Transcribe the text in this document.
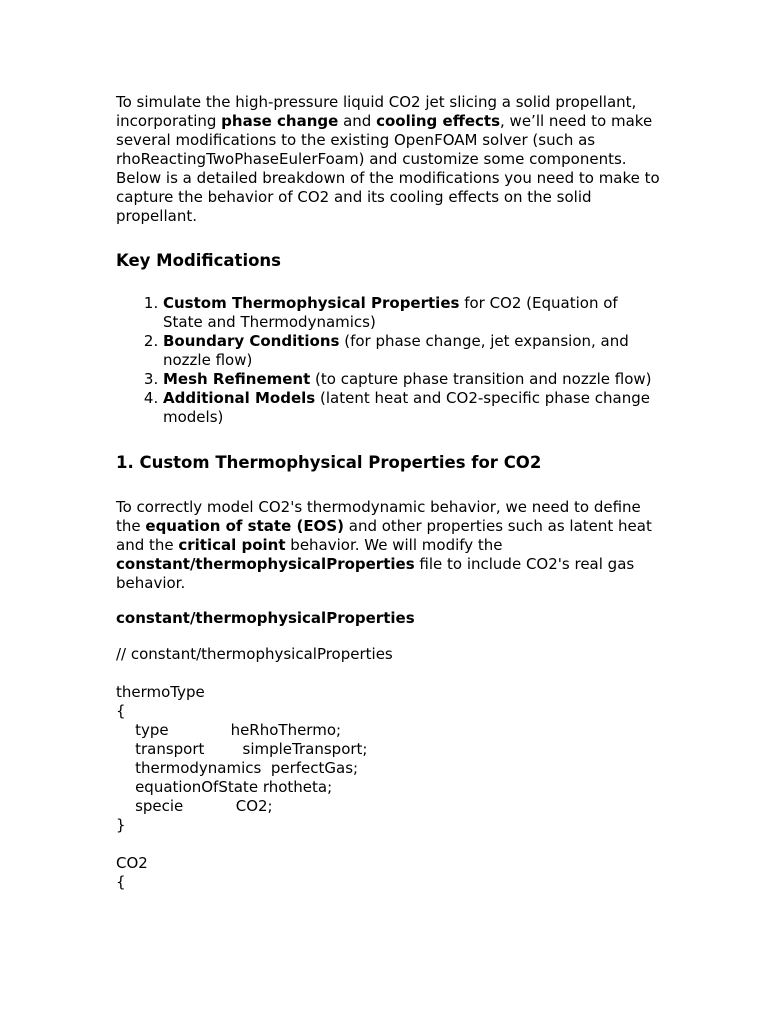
To simulate the high-pressure liquid CO2 jet slicing a solid propellant, incorporating phase change and cooling effects, we’ll need to make several modifications to the existing OpenFOAM solver (such as rhoReactingTwoPhaseEulerFoam) and customize some components. Below is a detailed breakdown of the modifications you need to make to capture the behavior of CO2 and its cooling effects on the solid propellant.

Key Modifications
1. Custom Thermophysical Properties for CO2 (Equation of State and Thermodynamics)
2. Boundary Conditions (for phase change, jet expansion, and nozzle flow)
3. Mesh Refinement (to capture phase transition and nozzle flow)
4. Additional Models (latent heat and CO2-specific phase change models)
1. Custom Thermophysical Properties for CO2

To correctly model CO2's thermodynamic behavior, we need to define the equation of state (EOS) and other properties such as latent heat and the critical point behavior. We will modify the constant/thermophysicalProperties file to include CO2's real gas behavior.

constant/thermophysicalProperties

// constant/thermophysicalProperties

thermoType
{
type             heRhoThermo;
transport        simpleTransport;
thermodynamics  perfectGas;
equationOfState rhotheta;
specie           CO2;
}

CO2
{
